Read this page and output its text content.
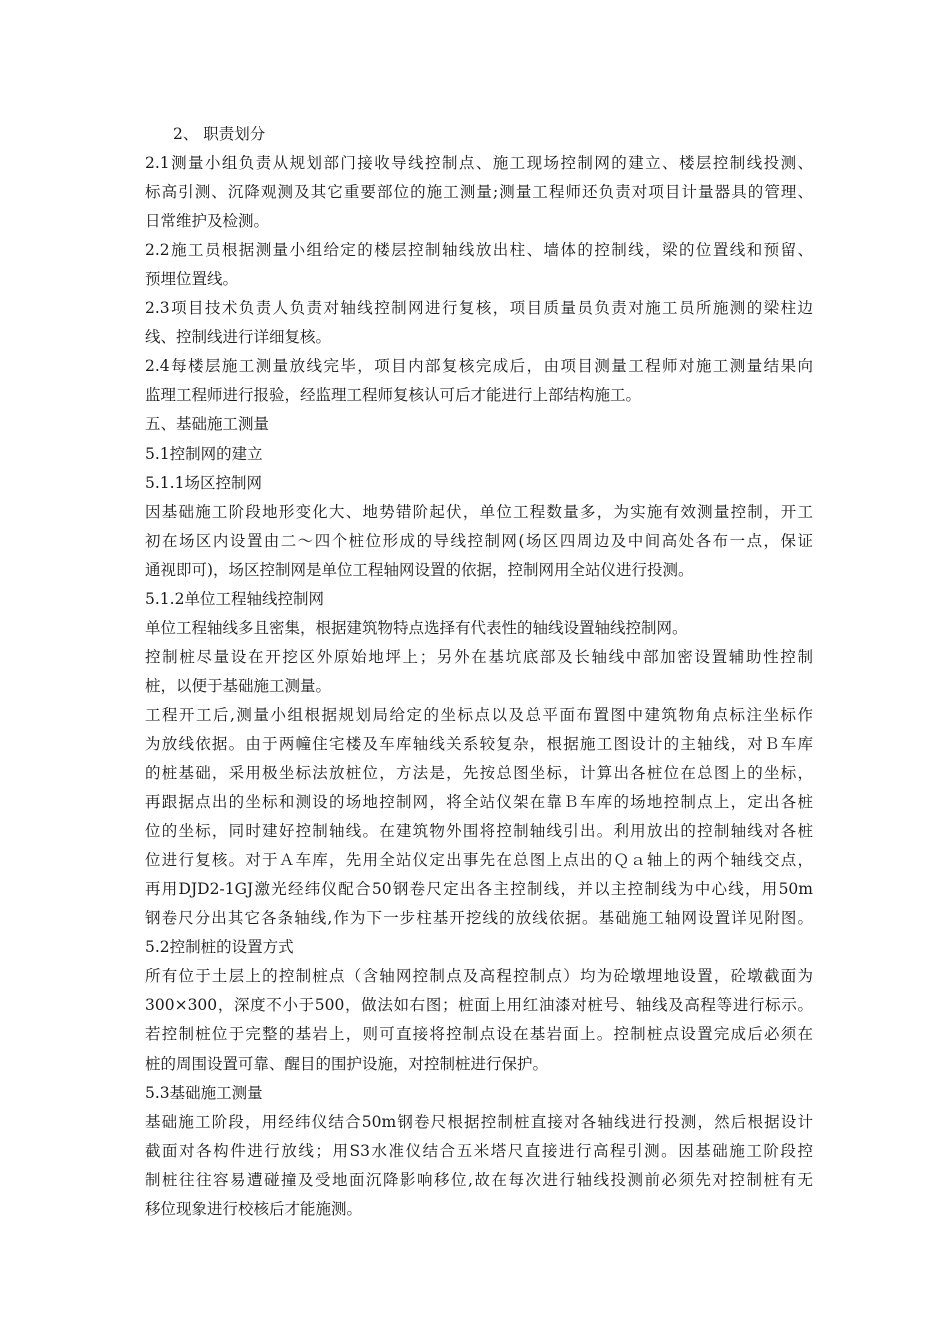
2、 职责划分
2.1测量小组负责从规划部门接收导线控制点、施工现场控制网的建立、楼层控制线投测、
标高引测、沉降观测及其它重要部位的施工测量;测量工程师还负责对项目计量器具的管理、
日常维护及检测。
2.2施工员根据测量小组给定的楼层控制轴线放出柱、墙体的控制线，梁的位置线和预留、
预埋位置线。
2.3项目技术负责人负责对轴线控制网进行复核，项目质量员负责对施工员所施测的梁柱边
线、控制线进行详细复核。
2.4每楼层施工测量放线完毕，项目内部复核完成后，由项目测量工程师对施工测量结果向
监理工程师进行报验，经监理工程师复核认可后才能进行上部结构施工。
五、基础施工测量
5.1控制网的建立
5.1.1场区控制网
因基础施工阶段地形变化大、地势错阶起伏，单位工程数量多，为实施有效测量控制，开工
初在场区内设置由二～四个桩位形成的导线控制网(场区四周边及中间高处各布一点，保证
通视即可)，场区控制网是单位工程轴网设置的依据，控制网用全站仪进行投测。
5.1.2单位工程轴线控制网
单位工程轴线多且密集，根据建筑物特点选择有代表性的轴线设置轴线控制网。
控制桩尽量设在开挖区外原始地坪上；另外在基坑底部及长轴线中部加密设置辅助性控制
桩，以便于基础施工测量。
工程开工后,测量小组根据规划局给定的坐标点以及总平面布置图中建筑物角点标注坐标作
为放线依据。由于两幢住宅楼及车库轴线关系较复杂，根据施工图设计的主轴线，对Ｂ车库
的桩基础，采用极坐标法放桩位，方法是，先按总图坐标，计算出各桩位在总图上的坐标，
再跟据点出的坐标和测设的场地控制网，将全站仪架在靠Ｂ车库的场地控制点上，定出各桩
位的坐标，同时建好控制轴线。在建筑物外围将控制轴线引出。利用放出的控制轴线对各桩
位进行复核。对于Ａ车库，先用全站仪定出事先在总图上点出的Ｑａ轴上的两个轴线交点，
再用DJD2-1GJ激光经纬仪配合50钢卷尺定出各主控制线，并以主控制线为中心线，用50m
钢卷尺分出其它各条轴线,作为下一步柱基开挖线的放线依据。基础施工轴网设置详见附图。
5.2控制桩的设置方式
所有位于土层上的控制桩点（含轴网控制点及高程控制点）均为砼墩埋地设置，砼墩截面为
300×300，深度不小于500，做法如右图；桩面上用红油漆对桩号、轴线及高程等进行标示。
若控制桩位于完整的基岩上，则可直接将控制点设在基岩面上。控制桩点设置完成后必须在
桩的周围设置可靠、醒目的围护设施，对控制桩进行保护。
5.3基础施工测量
基础施工阶段，用经纬仪结合50m钢卷尺根据控制桩直接对各轴线进行投测，然后根据设计
截面对各构件进行放线；用S3水准仪结合五米塔尺直接进行高程引测。因基础施工阶段控
制桩往往容易遭碰撞及受地面沉降影响移位,故在每次进行轴线投测前必须先对控制桩有无
移位现象进行校核后才能施测。
